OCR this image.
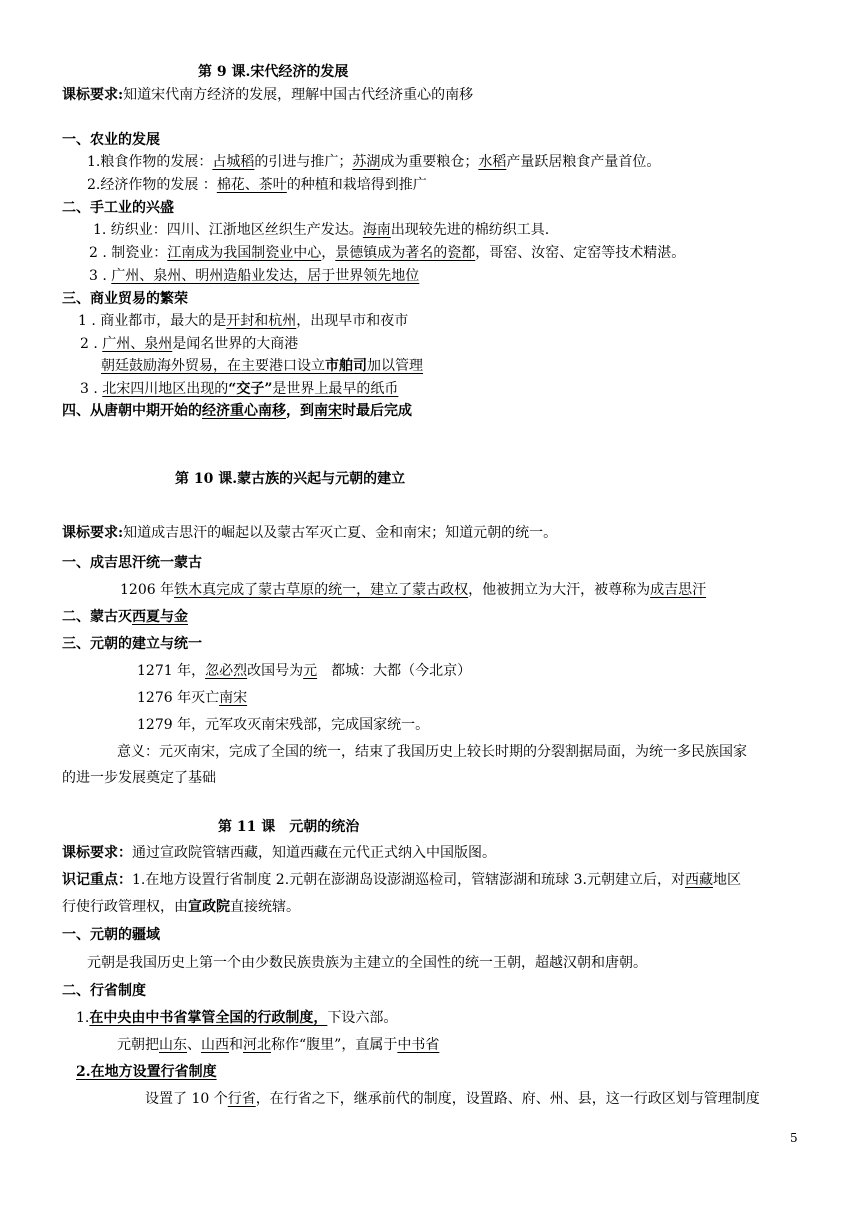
第 9 课.宋代经济的发展
课标要求:知道宋代南方经济的发展，理解中国古代经济重心的南移
一、农业的发展
1.粮食作物的发展：占城稻的引进与推广；苏湖成为重要粮仓；水稻产量跃居粮食产量首位。
2.经济作物的发展 ：棉花、茶叶的种植和栽培得到推广
二、手工业的兴盛
1. 纺织业：四川、江浙地区丝织生产发达。海南出现较先进的棉纺织工具.
2 . 制瓷业：江南成为我国制瓷业中心，景德镇成为著名的瓷都，哥窑、汝窑、定窑等技术精湛。
3 . 广州、泉州、明州造船业发达，居于世界领先地位
三、商业贸易的繁荣
1 . 商业都市，最大的是开封和杭州，出现早市和夜市
2 . 广州、泉州是闻名世界的大商港
朝廷鼓励海外贸易，在主要港口设立市舶司加以管理
3 . 北宋四川地区出现的“交子”是世界上最早的纸币
四、从唐朝中期开始的经济重心南移，到南宋时最后完成
第 10 课.蒙古族的兴起与元朝的建立
课标要求:知道成吉思汗的崛起以及蒙古军灭亡夏、金和南宋；知道元朝的统一。
一、成吉思汗统一蒙古
1206 年铁木真完成了蒙古草原的统一，建立了蒙古政权，他被拥立为大汗，被尊称为成吉思汗
二、蒙古灭西夏与金
三、元朝的建立与统一
1271 年，忽必烈改国号为元　都城：大都（今北京）
1276 年灭亡南宋
1279 年，元军攻灭南宋残部，完成国家统一。
意义：元灭南宋，完成了全国的统一，结束了我国历史上较长时期的分裂割据局面，为统一多民族国家
的进一步发展奠定了基础
第 11 课　元朝的统治
课标要求：通过宣政院管辖西藏，知道西藏在元代正式纳入中国版图。
识记重点：1.在地方设置行省制度 2.元朝在澎湖岛设澎湖巡检司，管辖澎湖和琉球 3.元朝建立后，对西藏地区
行使行政管理权，由宣政院直接统辖。
一、元朝的疆域
元朝是我国历史上第一个由少数民族贵族为主建立的全国性的统一王朝，超越汉朝和唐朝。
二、行省制度
1.在中央由中书省掌管全国的行政制度，下设六部。
元朝把山东、山西和河北称作“腹里”，直属于中书省
2.在地方设置行省制度
设置了 10 个行省，在行省之下，继承前代的制度，设置路、府、州、县，这一行政区划与管理制度
5
